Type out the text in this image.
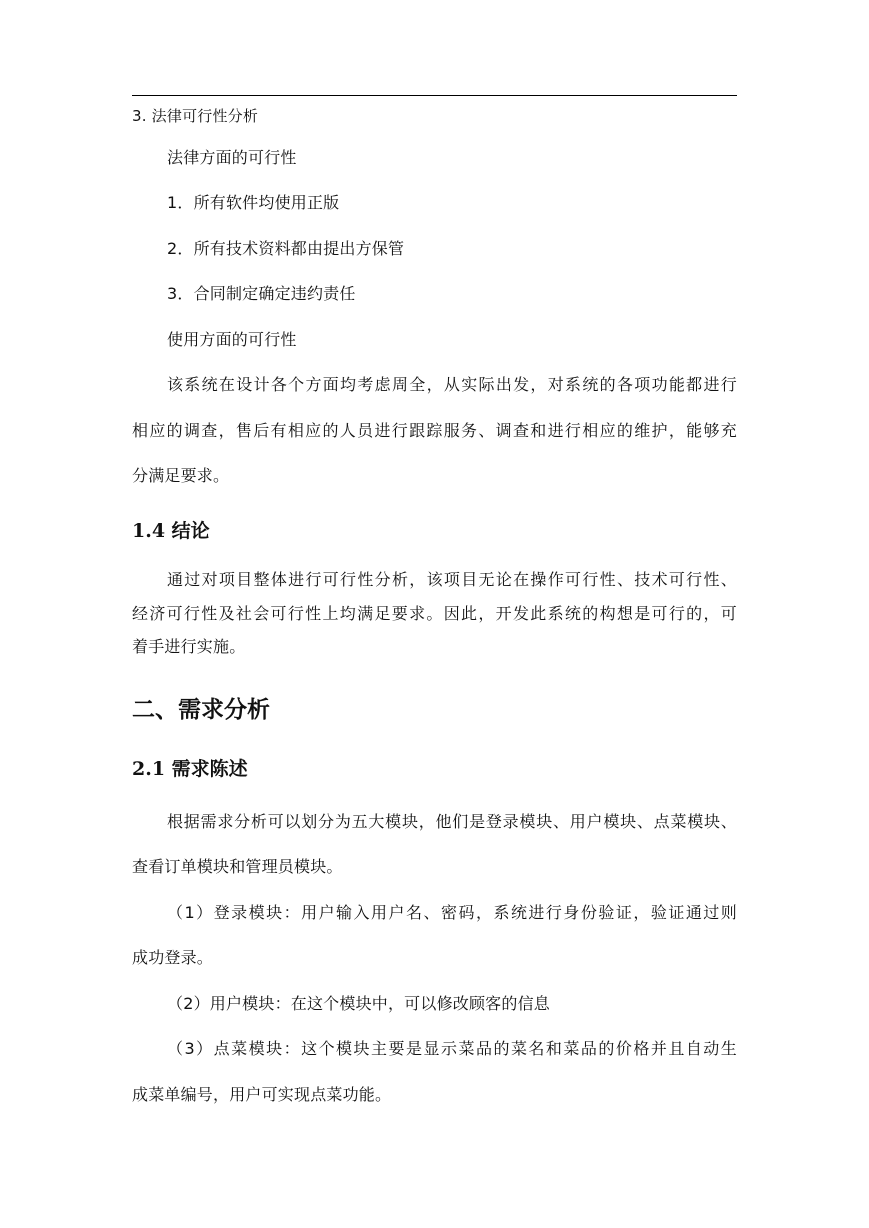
3. 法律可行性分析
法律方面的可行性
1．所有软件均使用正版
2．所有技术资料都由提出方保管
3．合同制定确定违约责任
使用方面的可行性
该系统在设计各个方面均考虑周全，从实际出发，对系统的各项功能都进行
相应的调查，售后有相应的人员进行跟踪服务、调查和进行相应的维护，能够充
分满足要求。
1.4 结论
通过对项目整体进行可行性分析，该项目无论在操作可行性、技术可行性、
经济可行性及社会可行性上均满足要求。因此，开发此系统的构想是可行的，可
着手进行实施。
二、需求分析
2.1 需求陈述
根据需求分析可以划分为五大模块，他们是登录模块、用户模块、点菜模块、
查看订单模块和管理员模块。
（1）登录模块：用户输入用户名、密码，系统进行身份验证，验证通过则
成功登录。
（2）用户模块：在这个模块中，可以修改顾客的信息
（3）点菜模块：这个模块主要是显示菜品的菜名和菜品的价格并且自动生
成菜单编号，用户可实现点菜功能。
